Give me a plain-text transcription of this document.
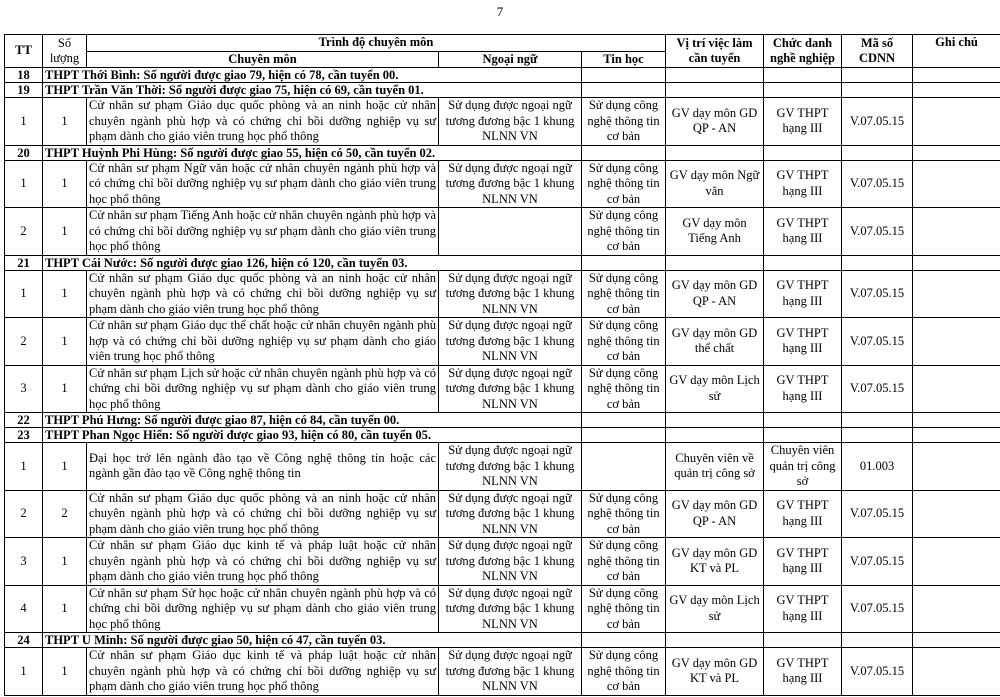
7
TT	Số lượng	Trình độ chuyên môn			Vị trí việc làm cần tuyển	Chức danh nghề nghiệp	Mã số CDNN	Ghi chú
		Chuyên môn	Ngoại ngữ	Tin học				
18	THPT Thới Bình: Số người được giao 79, hiện có 78, cần tuyển 00.							
19	THPT Trần Văn Thời: Số người được giao 75, hiện có 69, cần tuyển 01.							
1	1	Cử nhân sư phạm Giáo dục quốc phòng và an ninh hoặc cử nhân chuyên ngành phù hợp và có chứng chỉ bồi dưỡng nghiệp vụ sư phạm dành cho giáo viên trung học phổ thông	Sử dụng được ngoại ngữ tương đương bậc 1 khung NLNN VN	Sử dụng công nghệ thông tin cơ bản	GV dạy môn GD QP - AN	GV THPT hạng III	V.07.05.15	
20	THPT Huỳnh Phi Hùng: Số người được giao 55, hiện có 50, cần tuyển 02.							
1	1	Cử nhân sư phạm Ngữ văn hoặc cử nhân chuyên ngành phù hợp và có chứng chỉ bồi dưỡng nghiệp vụ sư phạm dành cho giáo viên trung học phổ thông	Sử dụng được ngoại ngữ tương đương bậc 1 khung NLNN VN	Sử dụng công nghệ thông tin cơ bản	GV dạy môn Ngữ văn	GV THPT hạng III	V.07.05.15	
2	1	Cử nhân sư phạm Tiếng Anh hoặc cử nhân chuyên ngành phù hợp và có chứng chỉ bồi dưỡng nghiệp vụ sư phạm dành cho giáo viên trung học phổ thông		Sử dụng công nghệ thông tin cơ bản	GV dạy môn Tiếng Anh	GV THPT hạng III	V.07.05.15	
21	THPT Cái Nước: Số người được giao 126, hiện có 120, cần tuyển 03.							
1	1	Cử nhân sư phạm Giáo dục quốc phòng và an ninh hoặc cử nhân chuyên ngành phù hợp và có chứng chỉ bồi dưỡng nghiệp vụ sư phạm dành cho giáo viên trung học phổ thông	Sử dụng được ngoại ngữ tương đương bậc 1 khung NLNN VN	Sử dụng công nghệ thông tin cơ bản	GV dạy môn GD QP - AN	GV THPT hạng III	V.07.05.15	
2	1	Cử nhân sư phạm Giáo dục thể chất hoặc cử nhân chuyên ngành phù hợp và có chứng chỉ bồi dưỡng nghiệp vụ sư phạm dành cho giáo viên trung học phổ thông	Sử dụng được ngoại ngữ tương đương bậc 1 khung NLNN VN	Sử dụng công nghệ thông tin cơ bản	GV dạy môn GD thể chất	GV THPT hạng III	V.07.05.15	
3	1	Cử nhân sư phạm Lịch sử hoặc cử nhân chuyên ngành phù hợp và có chứng chỉ bồi dưỡng nghiệp vụ sư phạm dành cho giáo viên trung học phổ thông	Sử dụng được ngoại ngữ tương đương bậc 1 khung NLNN VN	Sử dụng công nghệ thông tin cơ bản	GV dạy môn Lịch sử	GV THPT hạng III	V.07.05.15	
22	THPT Phú Hưng: Số người được giao 87, hiện có 84, cần tuyển 00.							
23	THPT Phan Ngọc Hiển: Số người được giao 93, hiện có 80, cần tuyển 05.							
1	1	Đại học trở lên ngành đào tạo về Công nghệ thông tin hoặc các ngành gần đào tạo về Công nghệ thông tin	Sử dụng được ngoại ngữ tương đương bậc 1 khung NLNN VN		Chuyên viên về quản trị công sở	Chuyên viên quản trị công sở	01.003	
2	2	Cử nhân sư phạm Giáo dục quốc phòng và an ninh hoặc cử nhân chuyên ngành phù hợp và có chứng chỉ bồi dưỡng nghiệp vụ sư phạm dành cho giáo viên trung học phổ thông	Sử dụng được ngoại ngữ tương đương bậc 1 khung NLNN VN	Sử dụng công nghệ thông tin cơ bản	GV dạy môn GD QP - AN	GV THPT hạng III	V.07.05.15	
3	1	Cử nhân sư phạm Giáo dục kinh tế và pháp luật hoặc cử nhân chuyên ngành phù hợp và có chứng chỉ bồi dưỡng nghiệp vụ sư phạm dành cho giáo viên trung học phổ thông	Sử dụng được ngoại ngữ tương đương bậc 1 khung NLNN VN	Sử dụng công nghệ thông tin cơ bản	GV dạy môn GD KT và PL	GV THPT hạng III	V.07.05.15	
4	1	Cử nhân sư phạm Sử học hoặc cử nhân chuyên ngành phù hợp và có chứng chỉ bồi dưỡng nghiệp vụ sư phạm dành cho giáo viên trung học phổ thông	Sử dụng được ngoại ngữ tương đương bậc 1 khung NLNN VN	Sử dụng công nghệ thông tin cơ bản	GV dạy môn Lịch sử	GV THPT hạng III	V.07.05.15	
24	THPT U Minh: Số người được giao 50, hiện có 47, cần tuyển 03.							
1	1	Cử nhân sư phạm Giáo dục kinh tế và pháp luật hoặc cử nhân chuyên ngành phù hợp và có chứng chỉ bồi dưỡng nghiệp vụ sư phạm dành cho giáo viên trung học phổ thông	Sử dụng được ngoại ngữ tương đương bậc 1 khung NLNN VN	Sử dụng công nghệ thông tin cơ bản	GV dạy môn GD KT và PL	GV THPT hạng III	V.07.05.15	
